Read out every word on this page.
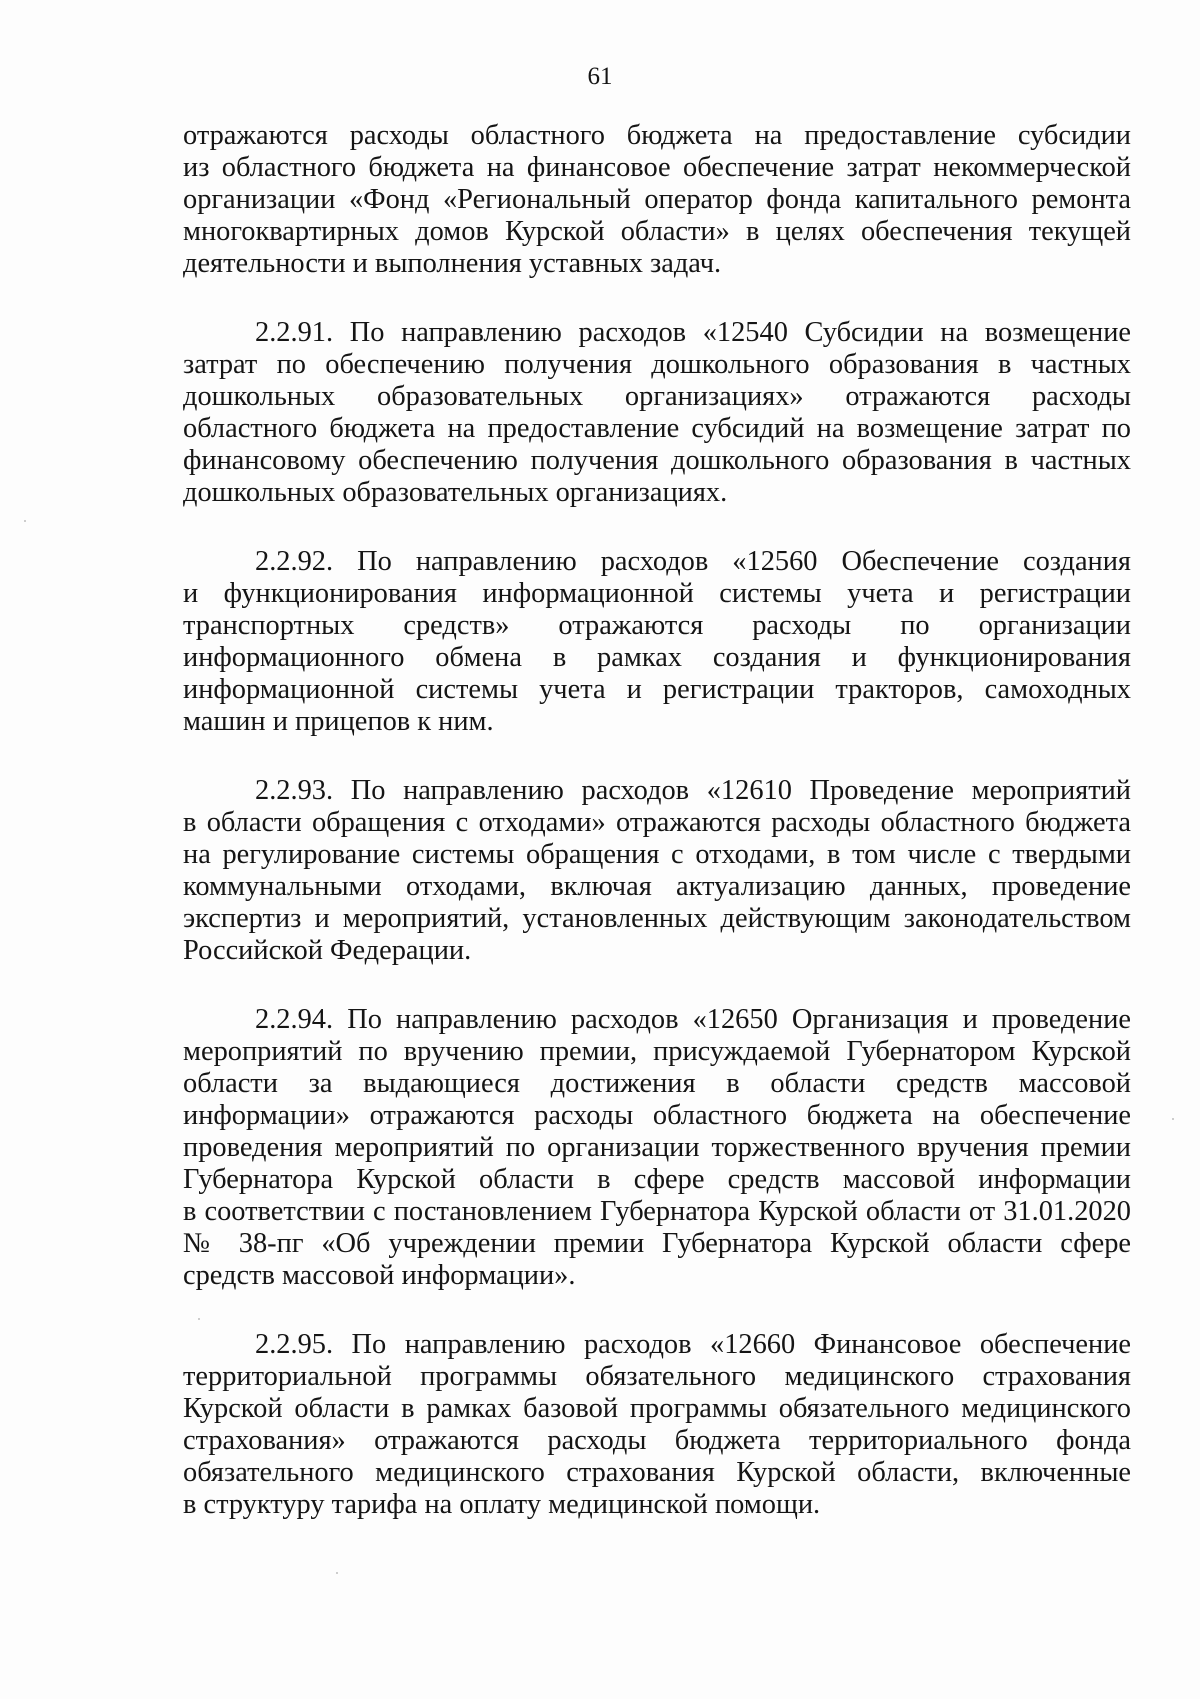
61
отражаются расходы областного бюджета на предоставление субсидии
из областного бюджета на финансовое обеспечение затрат некоммерческой
организации «Фонд «Региональный оператор фонда капитального ремонта
многоквартирных домов Курской области» в целях обеспечения текущей
деятельности и выполнения уставных задач.
2.2.91. По направлению расходов «12540 Субсидии на возмещение
затрат по обеспечению получения дошкольного образования в частных
дошкольных образовательных организациях» отражаются расходы
областного бюджета на предоставление субсидий на возмещение затрат по
финансовому обеспечению получения дошкольного образования в частных
дошкольных образовательных организациях.
2.2.92. По направлению расходов «12560 Обеспечение создания
и функционирования информационной системы учета и регистрации
транспортных средств» отражаются расходы по организации
информационного обмена в рамках создания и функционирования
информационной системы учета и регистрации тракторов, самоходных
машин и прицепов к ним.
2.2.93. По направлению расходов «12610 Проведение мероприятий
в области обращения с отходами» отражаются расходы областного бюджета
на регулирование системы обращения с отходами, в том числе с твердыми
коммунальными отходами, включая актуализацию данных, проведение
экспертиз и мероприятий, установленных действующим законодательством
Российской Федерации.
2.2.94. По направлению расходов «12650 Организация и проведение
мероприятий по вручению премии, присуждаемой Губернатором Курской
области за выдающиеся достижения в области средств массовой
информации» отражаются расходы областного бюджета на обеспечение
проведения мероприятий по организации торжественного вручения премии
Губернатора Курской области в сфере средств массовой информации
в соответствии с постановлением Губернатора Курской области от 31.01.2020
№ 38-пг «Об учреждении премии Губернатора Курской области сфере
средств массовой информации».
2.2.95. По направлению расходов «12660 Финансовое обеспечение
территориальной программы обязательного медицинского страхования
Курской области в рамках базовой программы обязательного медицинского
страхования» отражаются расходы бюджета территориального фонда
обязательного медицинского страхования Курской области, включенные
в структуру тарифа на оплату медицинской помощи.
